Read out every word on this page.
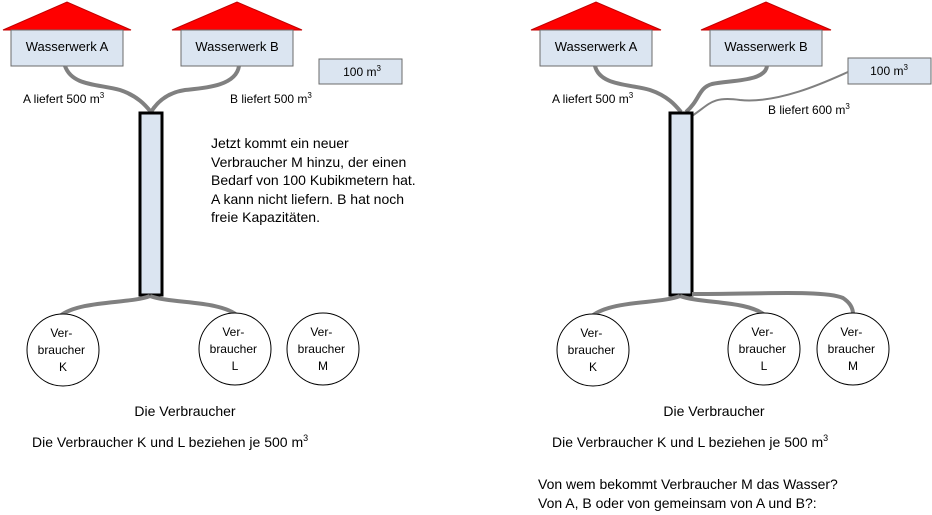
Wasserwerk A	Wasserwerk B
100 $m^3$
A liefert 500 $m^3$	B liefert 500 $m^3$
Ver- braucher K
Ver- braucher L
Ver- braucher M
Die Verbraucher
Die Verbraucher K und L beziehen je 500 $m^3$
Wasserwerk A	Wasserwerk B
100 $m^3$
A liefert 500 $m^3$
B liefert 600 $m^3$
Ver- braucher K
Ver- braucher L
Ver- braucher M
Die Verbraucher
Die Verbraucher K und L beziehen je 500 $m^3$
Jetzt kommt ein neuer
Verbraucher M hinzu, der einen
Bedarf von 100 Kubikmetern hat.
A kann nicht liefern. B hat noch
freie Kapazitäten.
Von wem bekommt Verbraucher M das Wasser?
Von A, B oder von gemeinsam von A und B?:
